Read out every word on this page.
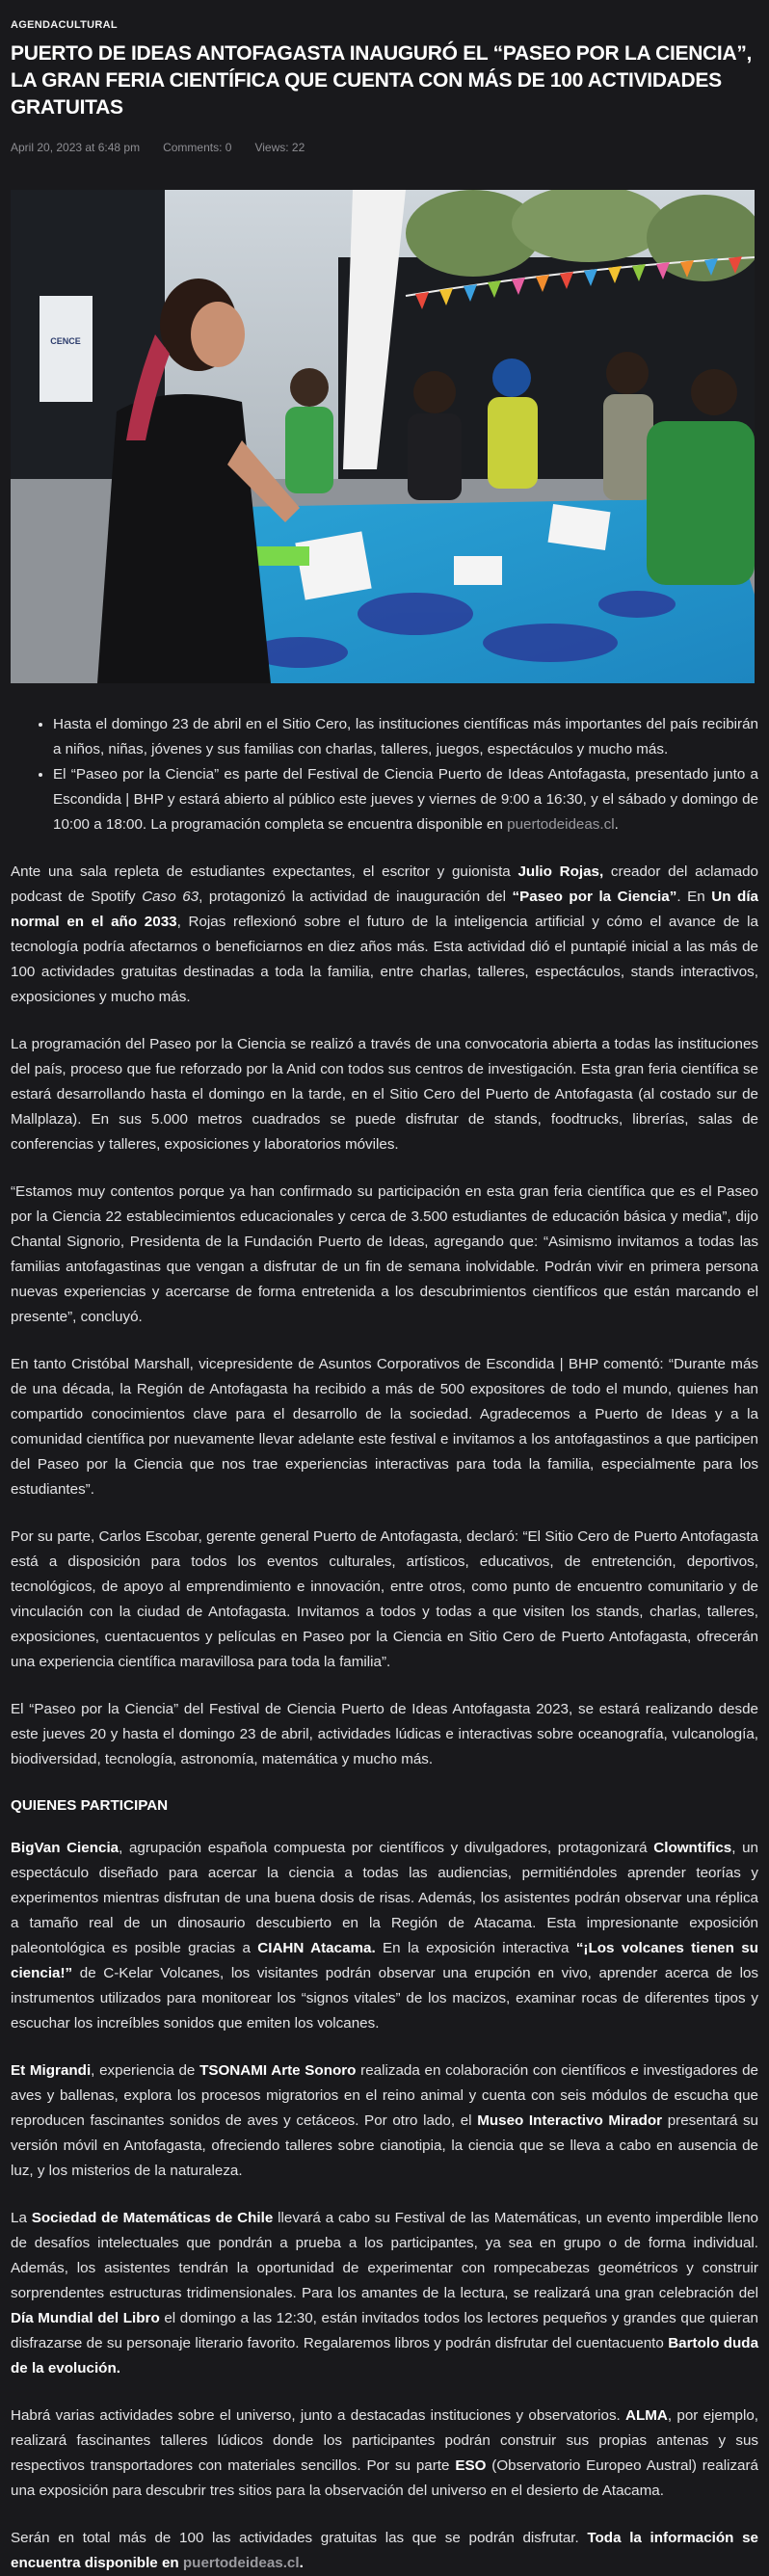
AGENDACULTURAL
PUERTO DE IDEAS ANTOFAGASTA INAUGURÓ EL “PASEO POR LA CIENCIA”, LA GRAN FERIA CIENTÍFICA QUE CUENTA CON MÁS DE 100 ACTIVIDADES GRATUITAS
April 20, 2023 at 6:48 pm Comments: 0 Views: 22
CENCE
• Hasta el domingo 23 de abril en el Sitio Cero, las instituciones científicas más importantes del país recibirán a niños, niñas, jóvenes y sus familias con charlas, talleres, juegos, espectáculos y mucho más.
• El “Paseo por la Ciencia” es parte del Festival de Ciencia Puerto de Ideas Antofagasta, presentado junto a Escondida | BHP y estará abierto al público este jueves y viernes de 9:00 a 16:30, y el sábado y domingo de 10:00 a 18:00. La programación completa se encuentra disponible en puertodeideas.cl.

Ante una sala repleta de estudiantes expectantes, el escritor y guionista Julio Rojas, creador del aclamado podcast de Spotify Caso 63, protagonizó la actividad de inauguración del “Paseo por la Ciencia”. En Un día normal en el año 2033, Rojas reflexionó sobre el futuro de la inteligencia artificial y cómo el avance de la tecnología podría afectarnos o beneficiarnos en diez años más. Esta actividad dió el puntapié inicial a las más de 100 actividades gratuitas destinadas a toda la familia, entre charlas, talleres, espectáculos, stands interactivos, exposiciones y mucho más.

La programación del Paseo por la Ciencia se realizó a través de una convocatoria abierta a todas las instituciones del país, proceso que fue reforzado por la Anid con todos sus centros de investigación. Esta gran feria científica se estará desarrollando hasta el domingo en la tarde, en el Sitio Cero del Puerto de Antofagasta (al costado sur de Mallplaza). En sus 5.000 metros cuadrados se puede disfrutar de stands, foodtrucks, librerías, salas de conferencias y talleres, exposiciones y laboratorios móviles.

“Estamos muy contentos porque ya han confirmado su participación en esta gran feria científica que es el Paseo por la Ciencia 22 establecimientos educacionales y cerca de 3.500 estudiantes de educación básica y media”, dijo Chantal Signorio, Presidenta de la Fundación Puerto de Ideas, agregando que: “Asimismo invitamos a todas las familias antofagastinas que vengan a disfrutar de un fin de semana inolvidable. Podrán vivir en primera persona nuevas experiencias y acercarse de forma entretenida a los descubrimientos científicos que están marcando el presente”, concluyó.

En tanto Cristóbal Marshall, vicepresidente de Asuntos Corporativos de Escondida | BHP comentó: “Durante más de una década, la Región de Antofagasta ha recibido a más de 500 expositores de todo el mundo, quienes han compartido conocimientos clave para el desarrollo de la sociedad. Agradecemos a Puerto de Ideas y a la comunidad científica por nuevamente llevar adelante este festival e invitamos a los antofagastinos a que participen del Paseo por la Ciencia que nos trae experiencias interactivas para toda la familia, especialmente para los estudiantes”.

Por su parte, Carlos Escobar, gerente general Puerto de Antofagasta, declaró: “El Sitio Cero de Puerto Antofagasta está a disposición para todos los eventos culturales, artísticos, educativos, de entretención, deportivos, tecnológicos, de apoyo al emprendimiento e innovación, entre otros, como punto de encuentro comunitario y de vinculación con la ciudad de Antofagasta. Invitamos a todos y todas a que visiten los stands, charlas, talleres, exposiciones, cuentacuentos y películas en Paseo por la Ciencia en Sitio Cero de Puerto Antofagasta, ofrecerán una experiencia científica maravillosa para toda la familia”.

El “Paseo por la Ciencia” del Festival de Ciencia Puerto de Ideas Antofagasta 2023, se estará realizando desde este jueves 20 y hasta el domingo 23 de abril, actividades lúdicas e interactivas sobre oceanografía, vulcanología, biodiversidad, tecnología, astronomía, matemática y mucho más.

QUIENES PARTICIPAN

BigVan Ciencia, agrupación española compuesta por científicos y divulgadores, protagonizará Clowntifics, un espectáculo diseñado para acercar la ciencia a todas las audiencias, permitiéndoles aprender teorías y experimentos mientras disfrutan de una buena dosis de risas. Además, los asistentes podrán observar una réplica a tamaño real de un dinosaurio descubierto en la Región de Atacama. Esta impresionante exposición paleontológica es posible gracias a CIAHN Atacama. En la exposición interactiva “¡Los volcanes tienen su ciencia!” de C-Kelar Volcanes, los visitantes podrán observar una erupción en vivo, aprender acerca de los instrumentos utilizados para monitorear los “signos vitales” de los macizos, examinar rocas de diferentes tipos y escuchar los increíbles sonidos que emiten los volcanes.

Et Migrandi, experiencia de TSONAMI Arte Sonoro realizada en colaboración con científicos e investigadores de aves y ballenas, explora los procesos migratorios en el reino animal y cuenta con seis módulos de escucha que reproducen fascinantes sonidos de aves y cetáceos. Por otro lado, el Museo Interactivo Mirador presentará su versión móvil en Antofagasta, ofreciendo talleres sobre cianotipia, la ciencia que se lleva a cabo en ausencia de luz, y los misterios de la naturaleza.

La Sociedad de Matemáticas de Chile llevará a cabo su Festival de las Matemáticas, un evento imperdible lleno de desafíos intelectuales que pondrán a prueba a los participantes, ya sea en grupo o de forma individual. Además, los asistentes tendrán la oportunidad de experimentar con rompecabezas geométricos y construir sorprendentes estructuras tridimensionales. Para los amantes de la lectura, se realizará una gran celebración del Día Mundial del Libro el domingo a las 12:30, están invitados todos los lectores pequeños y grandes que quieran disfrazarse de su personaje literario favorito. Regalaremos libros y podrán disfrutar del cuentacuento Bartolo duda de la evolución.

Habrá varias actividades sobre el universo, junto a destacadas instituciones y observatorios. ALMA, por ejemplo, realizará fascinantes talleres lúdicos donde los participantes podrán construir sus propias antenas y sus respectivos transportadores con materiales sencillos. Por su parte ESO (Observatorio Europeo Austral) realizará una exposición para descubrir tres sitios para la observación del universo en el desierto de Atacama.

Serán en total más de 100 las actividades gratuitas las que se podrán disfrutar. Toda la información se encuentra disponible en puertodeideas.cl.
